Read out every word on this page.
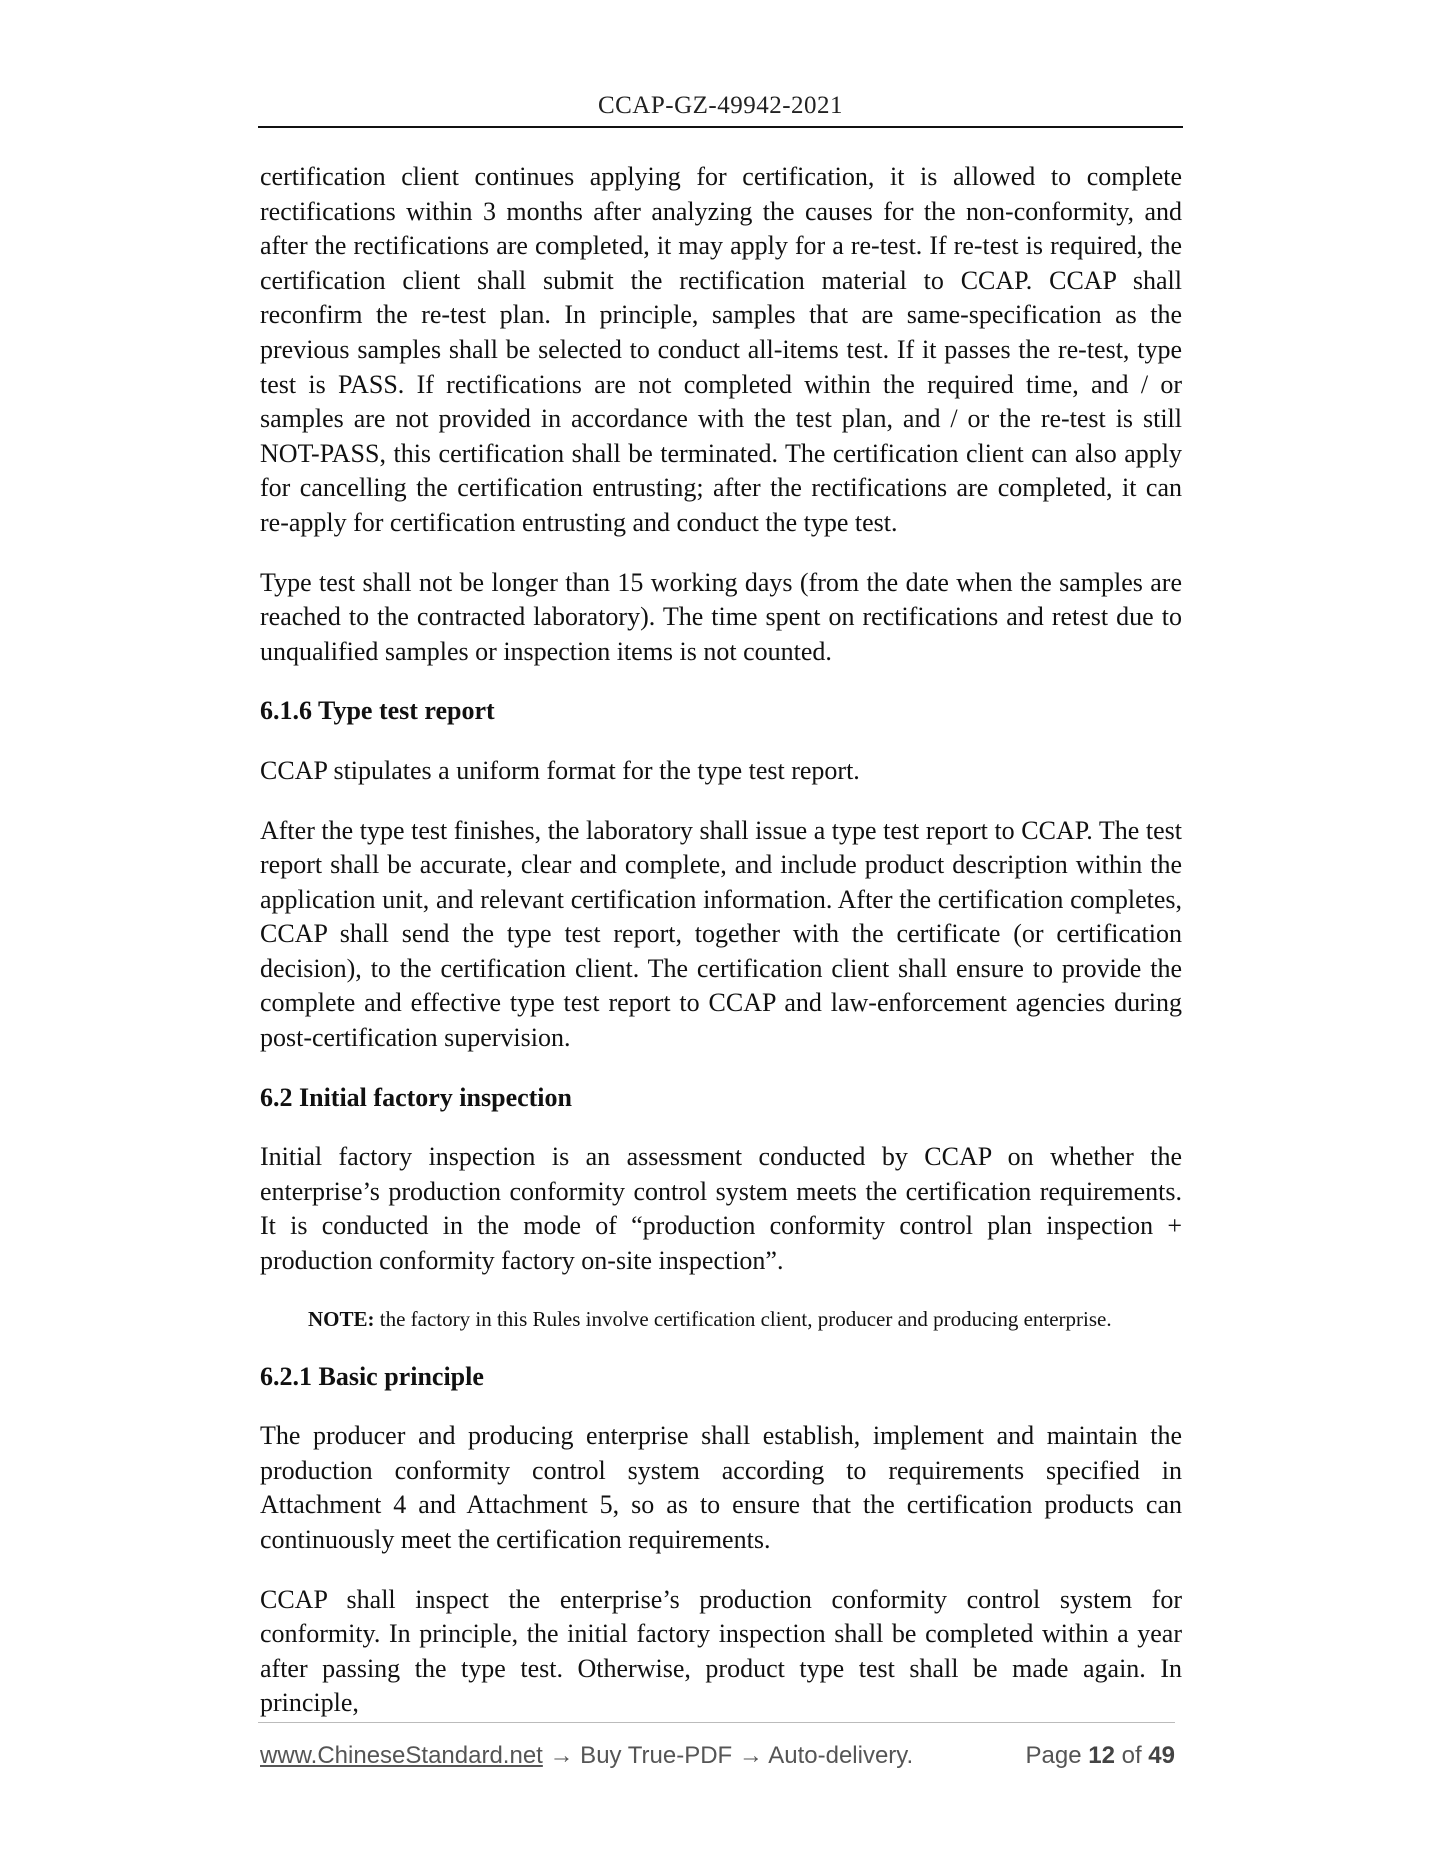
CCAP-GZ-49942-2021

certification client continues applying for certification, it is allowed to complete rectifications within 3 months after analyzing the causes for the non-conformity, and after the rectifications are completed, it may apply for a re-test. If re-test is required, the certification client shall submit the rectification material to CCAP. CCAP shall reconfirm the re-test plan. In principle, samples that are same-specification as the previous samples shall be selected to conduct all-items test. If it passes the re-test, type test is PASS. If rectifications are not completed within the required time, and / or samples are not provided in accordance with the test plan, and / or the re-test is still NOT-PASS, this certification shall be terminated. The certification client can also apply for cancelling the certification entrusting; after the rectifications are completed, it can re-apply for certification entrusting and conduct the type test.

Type test shall not be longer than 15 working days (from the date when the samples are reached to the contracted laboratory). The time spent on rectifications and retest due to unqualified samples or inspection items is not counted.

6.1.6 Type test report

CCAP stipulates a uniform format for the type test report.

After the type test finishes, the laboratory shall issue a type test report to CCAP. The test report shall be accurate, clear and complete, and include product description within the application unit, and relevant certification information. After the certification completes, CCAP shall send the type test report, together with the certificate (or certification decision), to the certification client. The certification client shall ensure to provide the complete and effective type test report to CCAP and law-enforcement agencies during post-certification supervision.

6.2 Initial factory inspection

Initial factory inspection is an assessment conducted by CCAP on whether the enterprise’s production conformity control system meets the certification requirements. It is conducted in the mode of “production conformity control plan inspection + production conformity factory on-site inspection”.

NOTE: the factory in this Rules involve certification client, producer and producing enterprise.

6.2.1 Basic principle

The producer and producing enterprise shall establish, implement and maintain the production conformity control system according to requirements specified in Attachment 4 and Attachment 5, so as to ensure that the certification products can continuously meet the certification requirements.

CCAP shall inspect the enterprise’s production conformity control system for conformity. In principle, the initial factory inspection shall be completed within a year after passing the type test. Otherwise, product type test shall be made again. In principle,

www.ChineseStandard.net → Buy True-PDF → Auto-delivery.	Page 12 of 49
